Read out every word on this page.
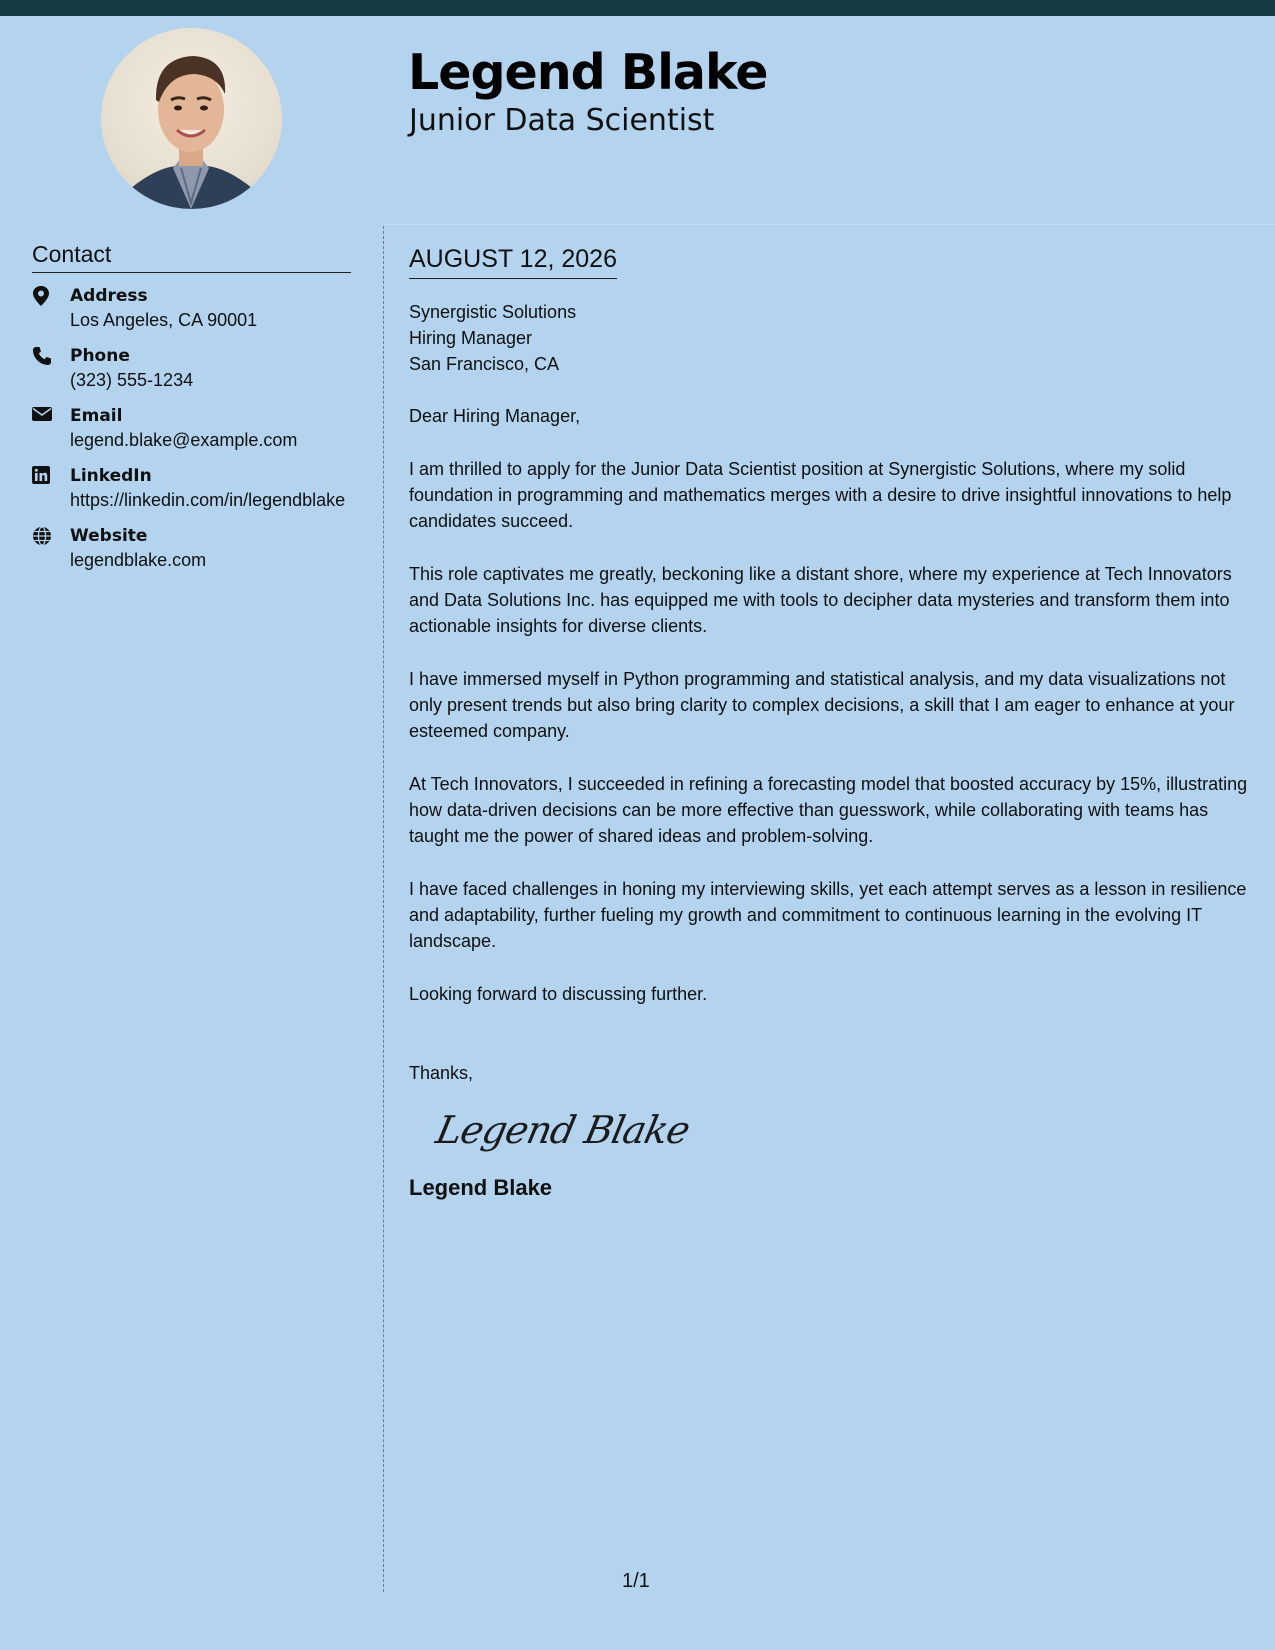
Legend Blake
Junior Data Scientist
Contact
Address
Los Angeles, CA 90001
Phone
(323) 555-1234
Email
legend.blake@example.com
LinkedIn
https://linkedin.com/in/legendblake
Website
legendblake.com
AUGUST 12, 2026
Synergistic Solutions
Hiring Manager
San Francisco, CA
Dear Hiring Manager,

I am thrilled to apply for the Junior Data Scientist position at Synergistic Solutions, where my solid foundation in programming and mathematics merges with a desire to drive insightful innovations to help candidates succeed.

This role captivates me greatly, beckoning like a distant shore, where my experience at Tech Innovators and Data Solutions Inc. has equipped me with tools to decipher data mysteries and transform them into actionable insights for diverse clients.

I have immersed myself in Python programming and statistical analysis, and my data visualizations not only present trends but also bring clarity to complex decisions, a skill that I am eager to enhance at your esteemed company.

At Tech Innovators, I succeeded in refining a forecasting model that boosted accuracy by 15%, illustrating how data-driven decisions can be more effective than guesswork, while collaborating with teams has taught me the power of shared ideas and problem-solving.

I have faced challenges in honing my interviewing skills, yet each attempt serves as a lesson in resilience and adaptability, further fueling my growth and commitment to continuous learning in the evolving IT landscape.

Looking forward to discussing further.

Thanks,
Legend Blake
Legend Blake
1/1
